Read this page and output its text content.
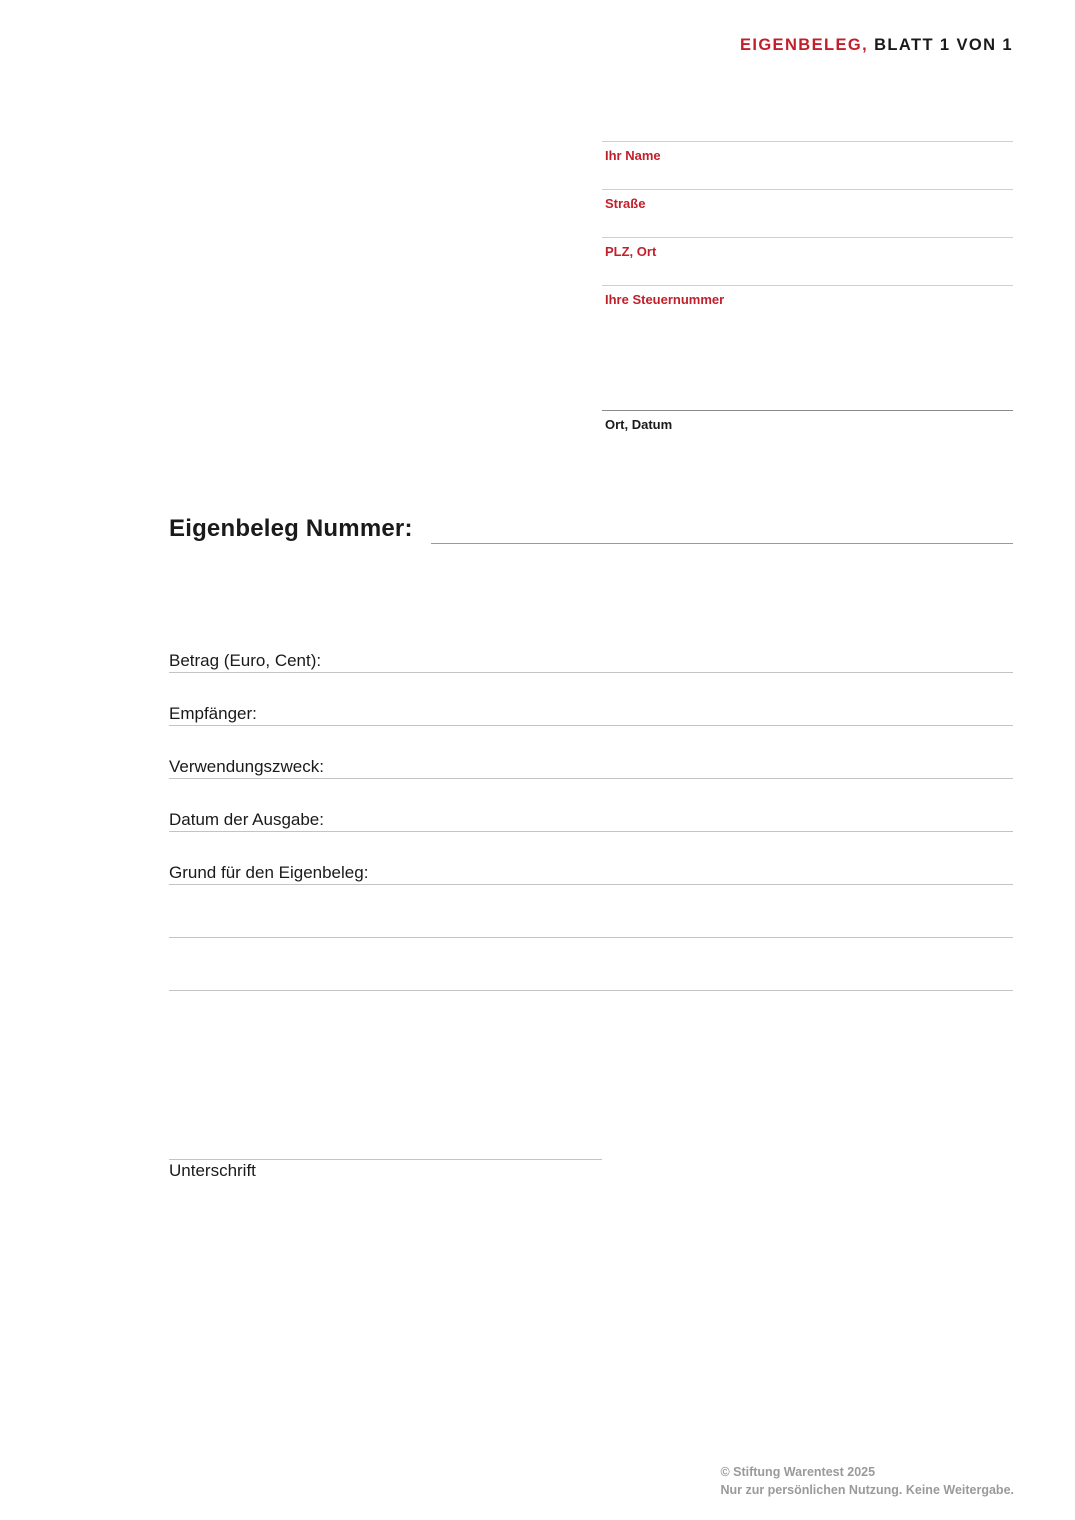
EIGENBELEG, BLATT 1 VON 1
Ihr Name
Straße
PLZ, Ort
Ihre Steuernummer
Ort, Datum
Eigenbeleg Nummer:
Betrag (Euro, Cent):
Empfänger:
Verwendungszweck:
Datum der Ausgabe:
Grund für den Eigenbeleg:
Unterschrift
© Stiftung Warentest 2025
Nur zur persönlichen Nutzung. Keine Weitergabe.
